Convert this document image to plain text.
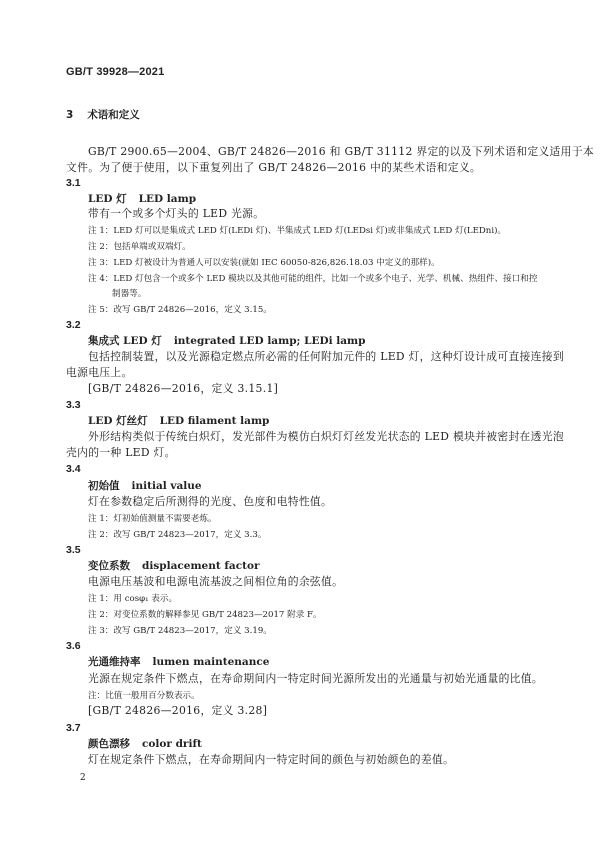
GB/T 39928—2021
3 术语和定义
GB/T 2900.65—2004、GB/T 24826—2016 和 GB/T 31112 界定的以及下列术语和定义适用于本
文件。为了便于使用，以下重复列出了 GB/T 24826—2016 中的某些术语和定义。
3.1
LED 灯 LED lamp
带有一个或多个灯头的 LED 光源。
注 1：LED 灯可以是集成式 LED 灯(LEDi 灯)、半集成式 LED 灯(LEDsi 灯)或非集成式 LED 灯(LEDni)。
注 2：包括单端或双端灯。
注 3：LED 灯被设计为普通人可以安装(就如 IEC 60050-826,826.18.03 中定义的那样)。
注 4：LED 灯包含一个或多个 LED 模块以及其他可能的组件，比如一个或多个电子、光学、机械、热组件、接口和控
制器等。
注 5：改写 GB/T 24826—2016，定义 3.15。
3.2
集成式 LED 灯 integrated LED lamp; LEDi lamp
包括控制装置，以及光源稳定燃点所必需的任何附加元件的 LED 灯，这种灯设计成可直接连接到
电源电压上。
[GB/T 24826—2016，定义 3.15.1]
3.3
LED 灯丝灯 LED filament lamp
外形结构类似于传统白炽灯，发光部件为模仿白炽灯灯丝发光状态的 LED 模块并被密封在透光泡
壳内的一种 LED 灯。
3.4
初始值 initial value
灯在参数稳定后所测得的光度、色度和电特性值。
注 1：灯初始值测量不需要老炼。
注 2：改写 GB/T 24823—2017，定义 3.3。
3.5
变位系数 displacement factor
电源电压基波和电源电流基波之间相位角的余弦值。
注 1：用 cosφ₁ 表示。
注 2：对变位系数的解释参见 GB/T 24823—2017 附录 F。
注 3：改写 GB/T 24823—2017，定义 3.19。
3.6
光通维持率 lumen maintenance
光源在规定条件下燃点，在寿命期间内一特定时间光源所发出的光通量与初始光通量的比值。
注：比值一般用百分数表示。
[GB/T 24826—2016，定义 3.28]
3.7
颜色漂移 color drift
灯在规定条件下燃点，在寿命期间内一特定时间的颜色与初始颜色的差值。
2
